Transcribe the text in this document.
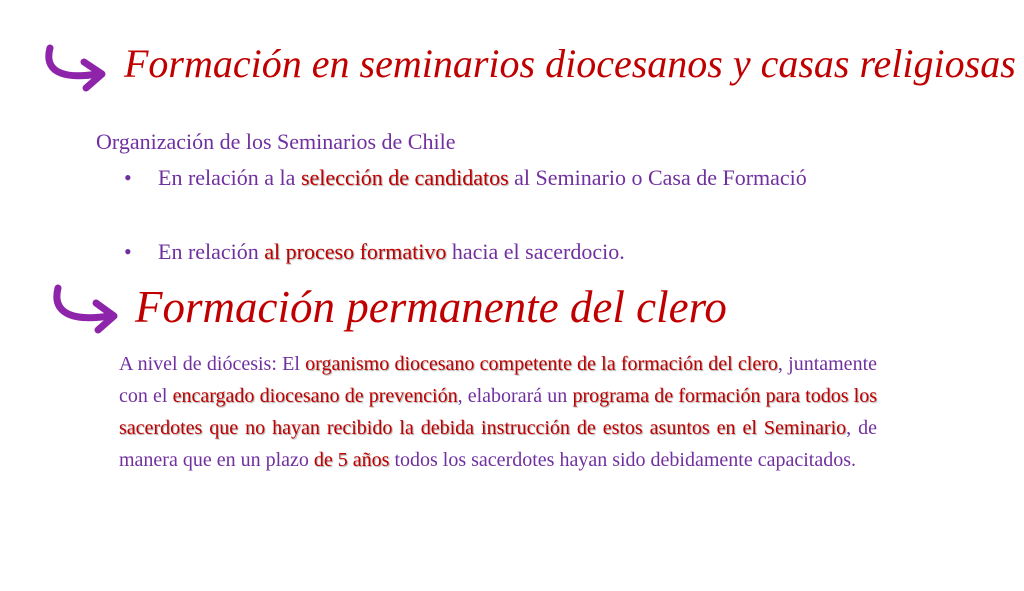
Formación en seminarios diocesanos y casas religiosas
Organización de los Seminarios de Chile
• En relación a la selección de candidatos al Seminario o Casa de Formació
• En relación al proceso formativo hacia el sacerdocio.
Formación permanente del clero

A nivel de diócesis: El organismo diocesano competente de la formación del clero, juntamente con el encargado diocesano de prevención, elaborará un programa de formación para todos los sacerdotes que no hayan recibido la debida instrucción de estos asuntos en el Seminario, de manera que en un plazo de 5 años todos los sacerdotes hayan sido debidamente capacitados.
